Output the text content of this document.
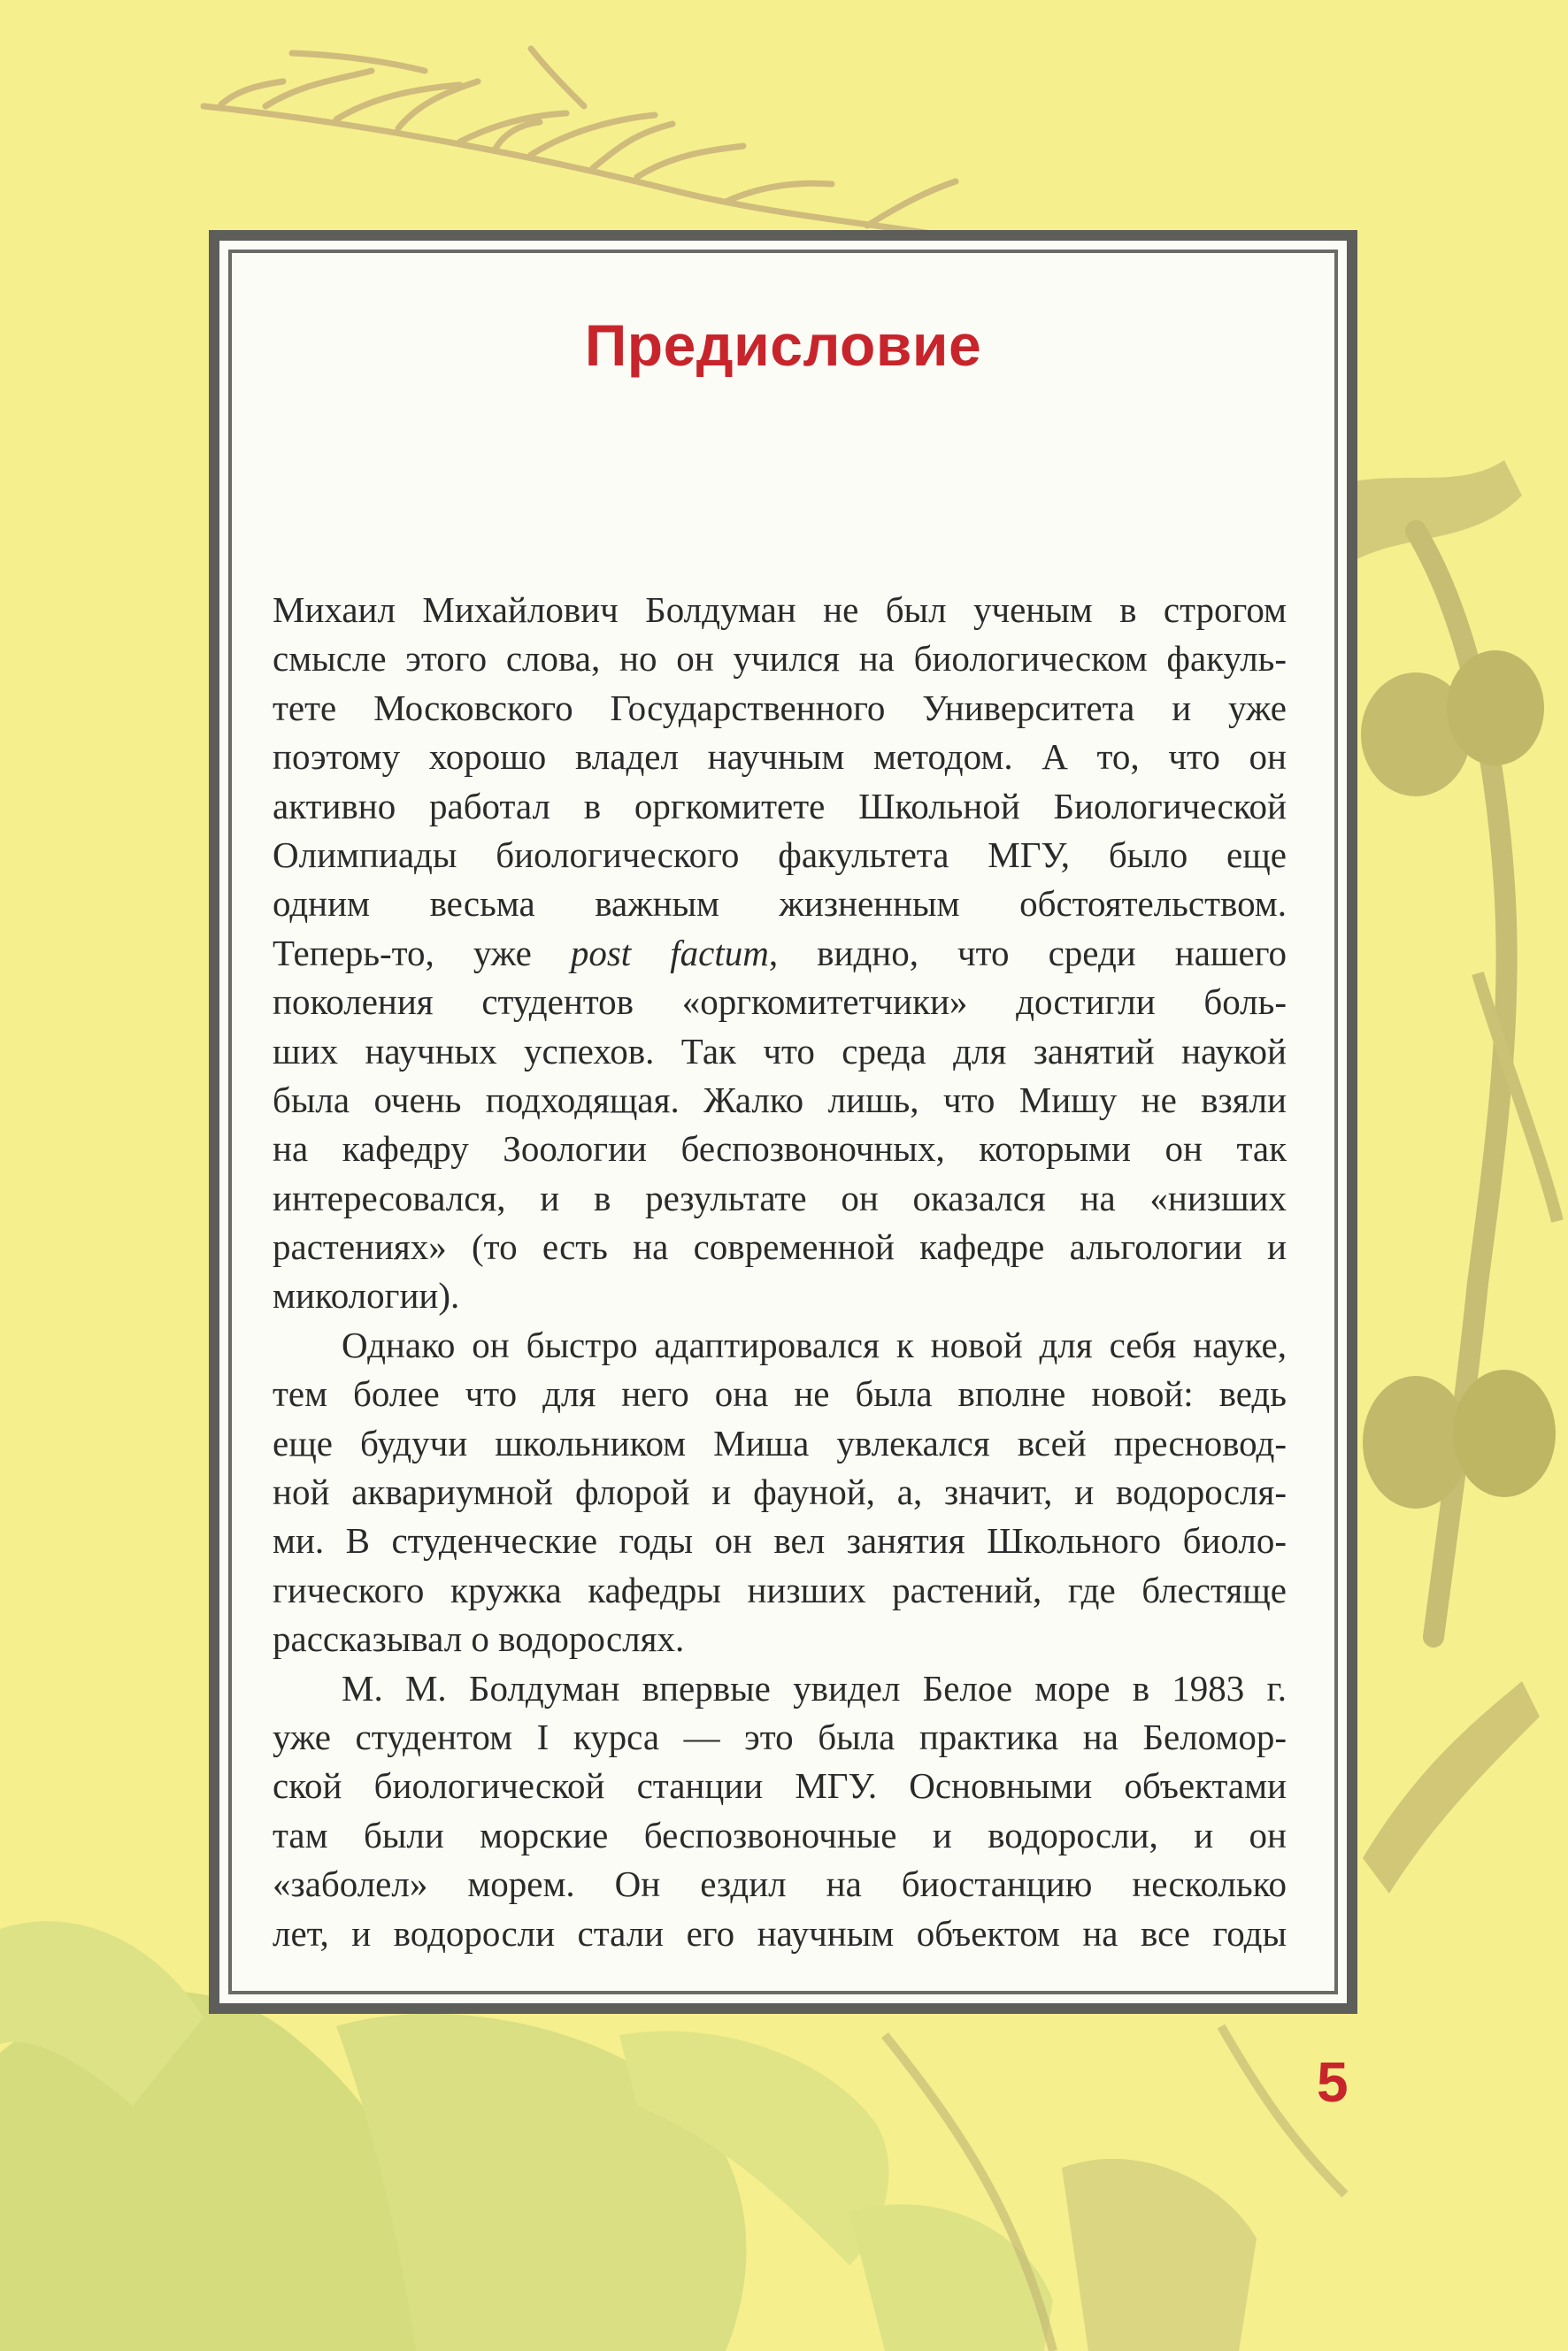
Предисловие
Михаил Михайлович Болдуман не был ученым в строгом
смысле этого слова, но он учился на биологическом факуль-
тете Московского Государственного Университета и уже
поэтому хорошо владел научным методом. А то, что он
активно работал в оргкомитете Школьной Биологической
Олимпиады биологического факультета МГУ, было еще
одним весьма важным жизненным обстоятельством.
Теперь-то, уже post factum, видно, что среди нашего
поколения студентов «оргкомитетчики» достигли боль-
ших научных успехов. Так что среда для занятий наукой
была очень подходящая. Жалко лишь, что Мишу не взяли
на кафедру Зоологии беспозвоночных, которыми он так
интересовался, и в результате он оказался на «низших
растениях» (то есть на современной кафедре альгологии и
микологии).
Однако он быстро адаптировался к новой для себя науке,
тем более что для него она не была вполне новой: ведь
еще будучи школьником Миша увлекался всей пресновод-
ной аквариумной флорой и фауной, а, значит, и водоросля-
ми. В студенческие годы он вел занятия Школьного биоло-
гического кружка кафедры низших растений, где блестяще
рассказывал о водорослях.
М. М. Болдуман впервые увидел Белое море в 1983 г.
уже студентом I курса — это была практика на Беломор-
ской биологической станции МГУ. Основными объектами
там были морские беспозвоночные и водоросли, и он
«заболел» морем. Он ездил на биостанцию несколько
лет, и водоросли стали его научным объектом на все годы
5
